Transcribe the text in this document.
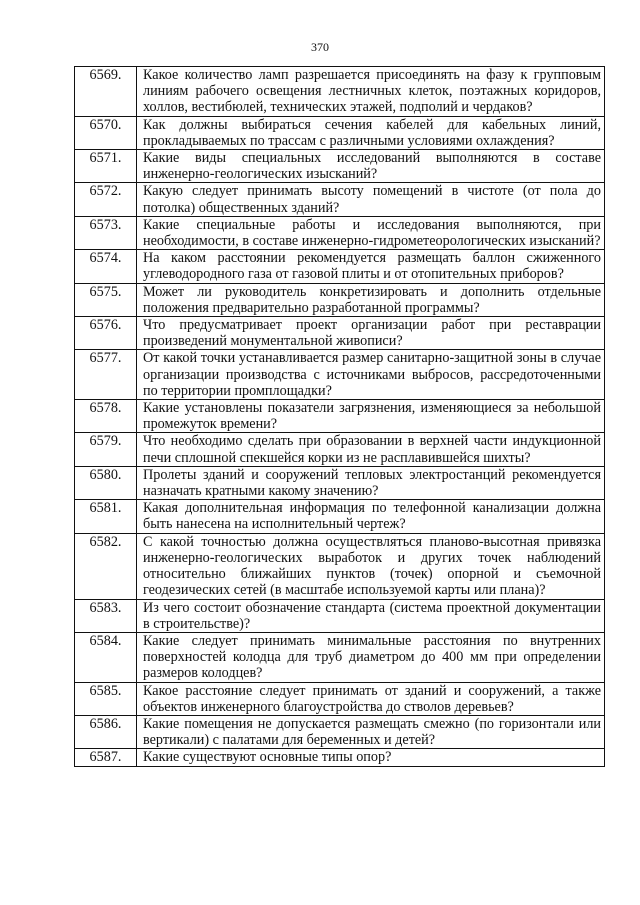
370
6569.	Какое количество ламп разрешается присоединять на фазу к групповым линиям рабочего освещения лестничных клеток, поэтажных коридоров, холлов, вестибюлей, технических этажей, подполий и чердаков?
6570.	Как должны выбираться сечения кабелей для кабельных линий, прокладываемых по трассам с различными условиями охлаждения?
6571.	Какие виды специальных исследований выполняются в составе инженерно-геологических изысканий?
6572.	Какую следует принимать высоту помещений в чистоте (от пола до потолка) общественных зданий?
6573.	Какие специальные работы и исследования выполняются, при необходимости, в составе инженерно-гидрометеорологических изысканий?
6574.	На каком расстоянии рекомендуется размещать баллон сжиженного углеводородного газа от газовой плиты и от отопительных приборов?
6575.	Может ли руководитель конкретизировать и дополнить отдельные положения предварительно разработанной программы?
6576.	Что предусматривает проект организации работ при реставрации произведений монументальной живописи?
6577.	От какой точки устанавливается размер санитарно-защитной зоны в случае организации производства с источниками выбросов, рассредоточенными по территории промплощадки?
6578.	Какие установлены показатели загрязнения, изменяющиеся за небольшой промежуток времени?
6579.	Что необходимо сделать при образовании в верхней части индукционной печи сплошной спекшейся корки из не расплавившейся шихты?
6580.	Пролеты зданий и сооружений тепловых электростанций рекомендуется назначать кратными какому значению?
6581.	Какая дополнительная информация по телефонной канализации должна быть нанесена на исполнительный чертеж?
6582.	С какой точностью должна осуществляться планово-высотная привязка инженерно-геологических выработок и других точек наблюдений относительно ближайших пунктов (точек) опорной и съемочной геодезических сетей (в масштабе используемой карты или плана)?
6583.	Из чего состоит обозначение стандарта (система проектной документации в строительстве)?
6584.	Какие следует принимать минимальные расстояния по внутренних поверхностей колодца для труб диаметром до 400 мм при определении размеров колодцев?
6585.	Какое расстояние следует принимать от зданий и сооружений, а также объектов инженерного благоустройства до стволов деревьев?
6586.	Какие помещения не допускается размещать смежно (по горизонтали или вертикали) с палатами для беременных и детей?
6587.	Какие существуют основные типы опор?
